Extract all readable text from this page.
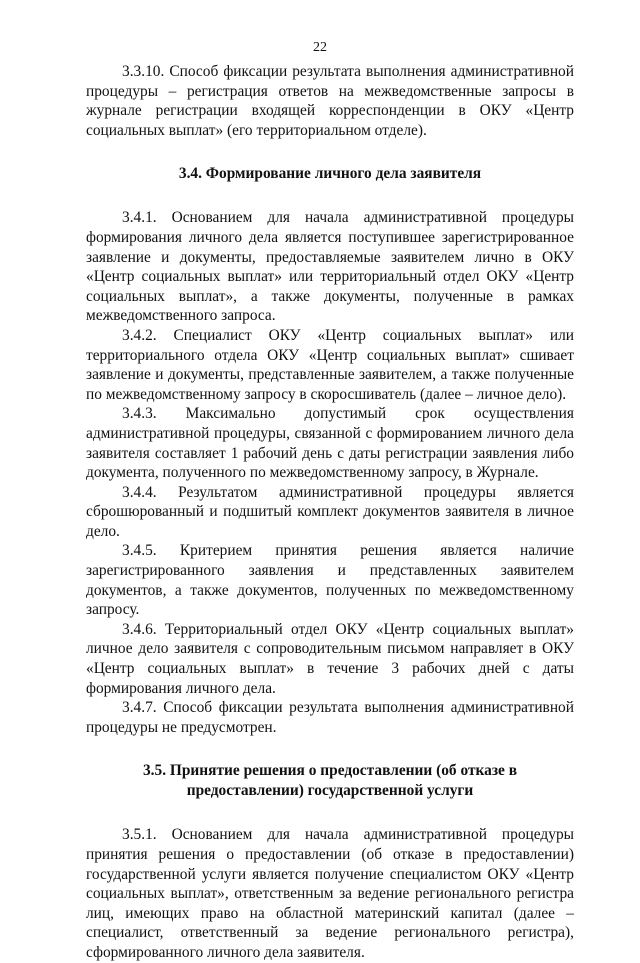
22

3.3.10. Способ фиксации результата выполнения административной процедуры – регистрация ответов на межведомственные запросы в журнале регистрации входящей корреспонденции в ОКУ «Центр социальных выплат» (его территориальном отделе).

3.4. Формирование личного дела заявителя

3.4.1. Основанием для начала административной процедуры формирования личного дела является поступившее зарегистрированное заявление и документы, предоставляемые заявителем лично в ОКУ «Центр социальных выплат» или территориальный отдел ОКУ «Центр социальных выплат», а также документы, полученные в рамках межведомственного запроса.

3.4.2. Специалист ОКУ «Центр социальных выплат» или территориального отдела ОКУ «Центр социальных выплат» сшивает заявление и документы, представленные заявителем, а также полученные по межведомственному запросу в скоросшиватель (далее – личное дело).

3.4.3. Максимально допустимый срок осуществления административной процедуры, связанной с формированием личного дела заявителя составляет 1 рабочий день с даты регистрации заявления либо документа, полученного по межведомственному запросу, в Журнале.

3.4.4. Результатом административной процедуры является сброшюрованный и подшитый комплект документов заявителя в личное дело.

3.4.5. Критерием принятия решения является наличие зарегистрированного заявления и представленных заявителем документов, а также документов, полученных по межведомственному запросу.

3.4.6. Территориальный отдел ОКУ «Центр социальных выплат» личное дело заявителя с сопроводительным письмом направляет в ОКУ «Центр социальных выплат» в течение 3 рабочих дней с даты формирования личного дела.

3.4.7. Способ фиксации результата выполнения административной процедуры не предусмотрен.

3.5. Принятие решения о предоставлении (об отказе в

предоставлении) государственной услуги

3.5.1. Основанием для начала административной процедуры принятия решения о предоставлении (об отказе в предоставлении) государственной услуги является получение специалистом ОКУ «Центр социальных выплат», ответственным за ведение регионального регистра лиц, имеющих право на областной материнский капитал (далее – специалист, ответственный за ведение регионального регистра), сформированного личного дела заявителя.
